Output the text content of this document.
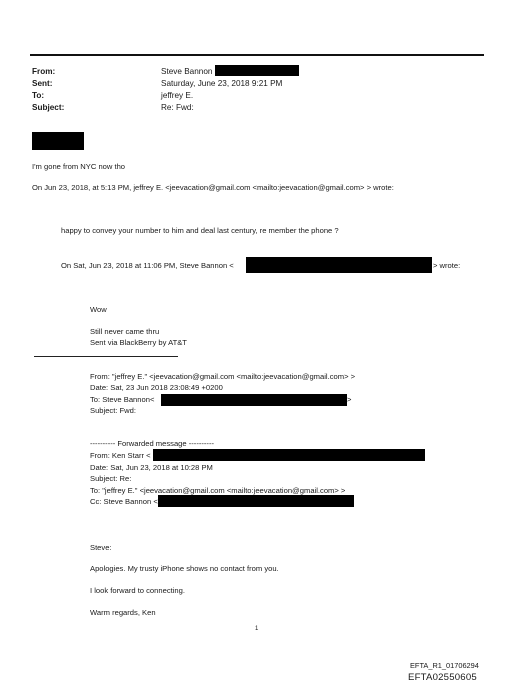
From:	Steve Bannon
Sent:	Saturday, June 23, 2018 9:21 PM
To:	jeffrey E.
Subject:	Re: Fwd:
I'm gone from NYC now tho
On Jun 23, 2018, at 5:13 PM, jeffrey E. <jeevacation@gmail.com <mailto:jeevacation@gmail.com> > wrote:
happy to convey your number to him and deal last century, re member the phone ?
On Sat, Jun 23, 2018 at 11:06 PM, Steve Bannon <	> wrote:
Wow
Still never came thru
Sent via BlackBerry by AT&T
From: "jeffrey E." <jeevacation@gmail.com <mailto:jeevacation@gmail.com> >
Date: Sat, 23 Jun 2018 23:08:49 +0200
To: Steve Bannon<	>
Subject: Fwd:
---------- Forwarded message ----------
From: Ken Starr <
Date: Sat, Jun 23, 2018 at 10:28 PM
Subject: Re:
To: "jeffrey E." <jeevacation@gmail.com <mailto:jeevacation@gmail.com> >
Cc: Steve Bannon <
Steve:
Apologies. My trusty iPhone shows no contact from you.
I look forward to connecting.
Warm regards, Ken
1
EFTA_R1_01706294
EFTA02550605
